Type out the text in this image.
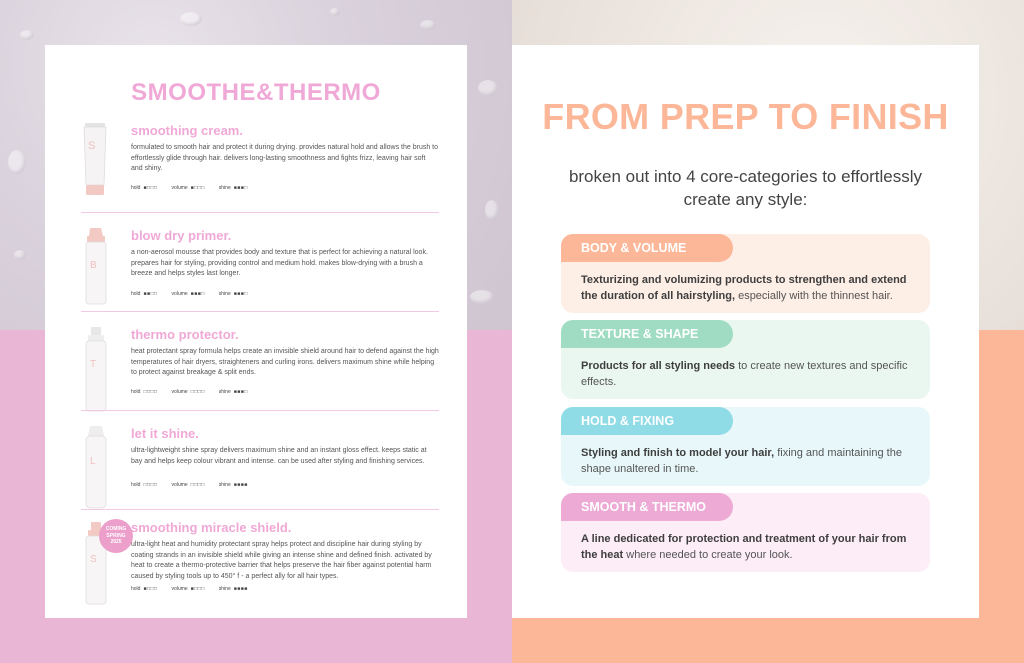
SMOOTHE&THERMO
S
smoothing cream.
formulated to smooth hair and protect it during drying. provides natural hold and allows the brush to effortlessly glide through hair. delivers long-lasting smoothness and fights frizz, leaving hair soft and shiny.
hold ■□□□	volume ■□□□	shine ■■■□
B
blow dry primer.
a non-aerosol mousse that provides body and texture that is perfect for achieving a natural look. prepares hair for styling, providing control and medium hold. makes blow-drying with a brush a breeze and helps styles last longer.
hold ■■□□	volume ■■■□	shine ■■■□
T
thermo protector.
heat protectant spray formula helps create an invisible shield around hair to defend against the high temperatures of hair dryers, straighteners and curling irons. delivers maximum shine while helping to protect against breakage & split ends.
hold □□□□	volume □□□□	shine ■■■□
L
let it shine.
ultra-lightweight shine spray delivers maximum shine and an instant gloss effect. keeps static at bay and helps keep colour vibrant and intense. can be used after styling and finishing services.
hold □□□□	volume □□□□	shine ■■■■
COMING
SPRING
2025
S
smoothing miracle shield.
ultra-light heat and humidity protectant spray helps protect and discipline hair during styling by coating strands in an invisible shield while giving an intense shine and defined finish. activated by heat to create a thermo-protective barrier that helps preserve the hair fiber against potential harm caused by styling tools up to 450° f - a perfect ally for all hair types.
hold ■□□□	volume ■□□□	shine ■■■■
FROM PREP TO FINISH
broken out into 4 core-categories to effortlessly create any style:
BODY & VOLUME
Texturizing and volumizing products to strengthen and extend the duration of all hairstyling, especially with the thinnest hair.
TEXTURE & SHAPE
Products for all styling needs to create new textures and specific effects.
HOLD & FIXING
Styling and finish to model your hair, fixing and maintaining the shape unaltered in time.
SMOOTH & THERMO
A line dedicated for protection and treatment of your hair from the heat where needed to create your look.
